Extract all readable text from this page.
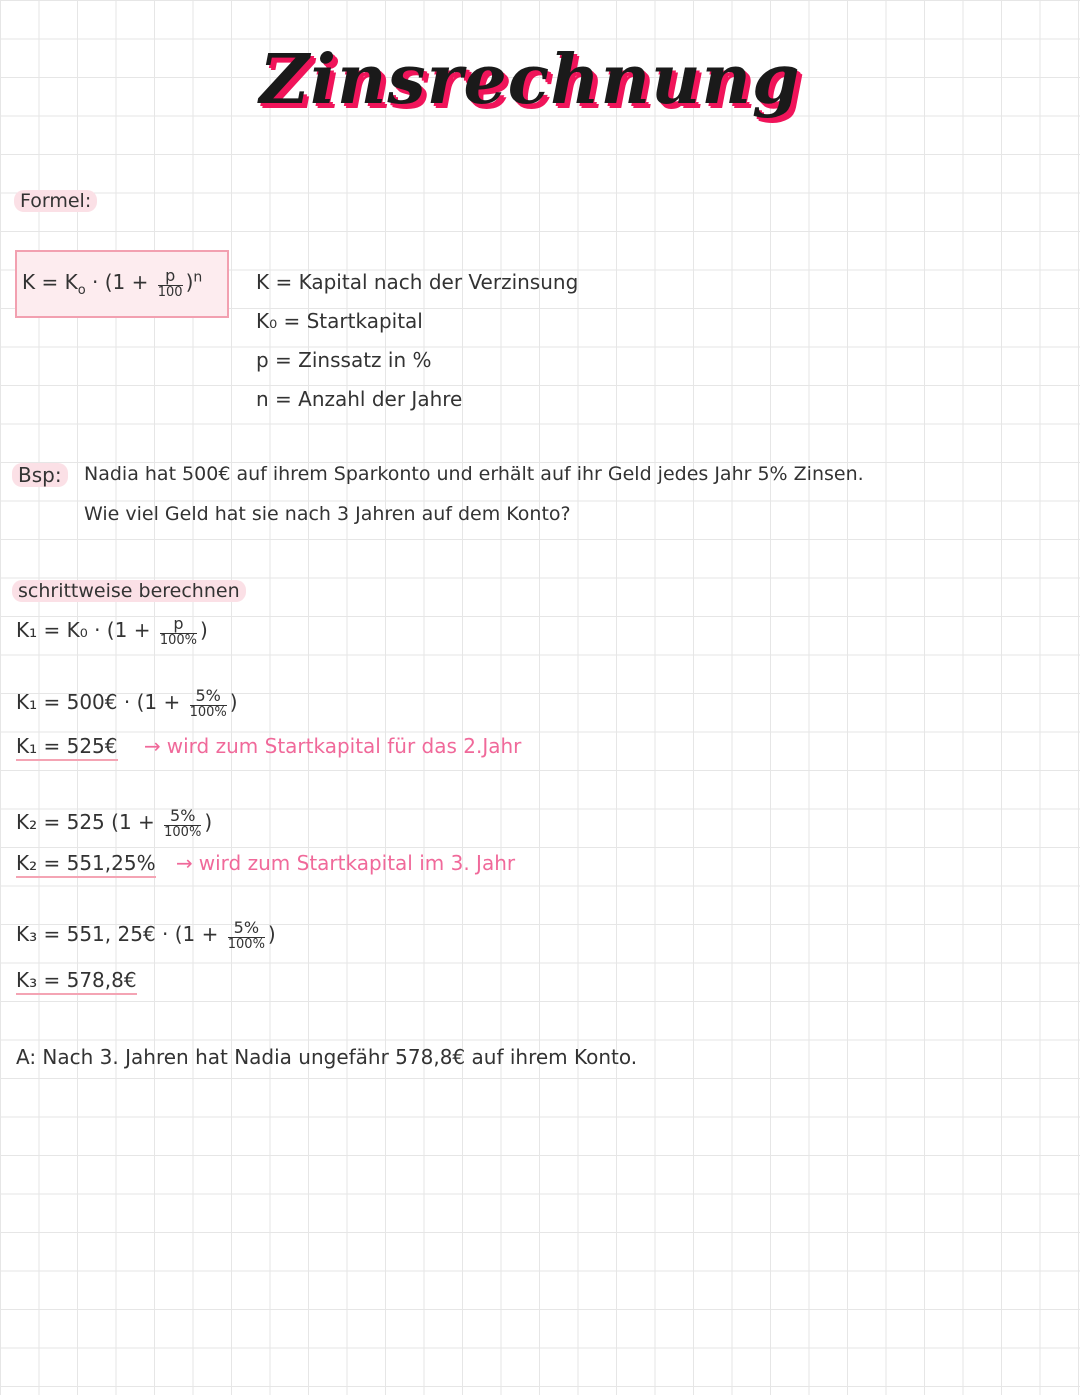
Zinsrechnung
Formel:
$K = K_o \cdot (1 + \frac{p}{100} )^n$	K = Kapital nach der Verzinsung
K₀ = Startkapital
p = Zinssatz in %
n = Anzahl der Jahre
Bsp:	Nadia hat 500€ auf ihrem Sparkonto und erhält auf ihr Geld jedes Jahr 5% Zinsen.
Wie viel Geld hat sie nach 3 Jahren auf dem Konto?
schrittweise berechnen
$K_1 = K_0 \cdot (1 + \frac{p}{100\%}$ )
K₁ = 500€ · ($1 + \frac{5\%}{100\%}$ )
K₁ = 525€ → wird zum Startkapital für das 2.Jahr
K₂ = 525 ($1 + \frac{5\%}{100\%}$ )
K₂ = 551,25% → wird zum Startkapital im 3. Jahr
K₃ = 551, 25€ · ($1 + \frac{5\%}{100\%}$ )
K₃ = 578,8€
A: Nach 3. Jahren hat Nadia ungefähr 578,8€ auf ihrem Konto.
